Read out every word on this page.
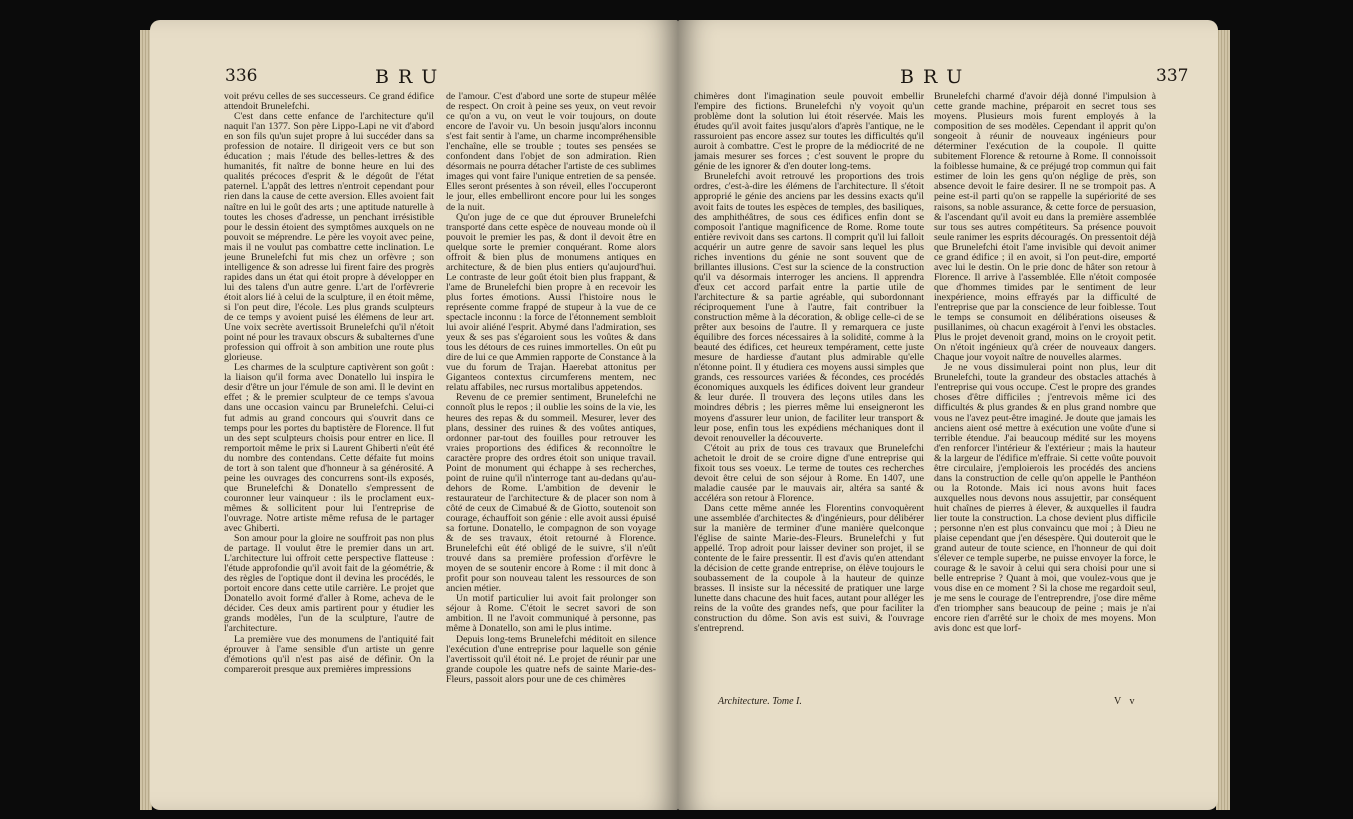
336	BRU

voit prévu celles de ses successeurs. Ce grand édifice attendoit Brunelefchi.

C'est dans cette enfance de l'architecture qu'il naquit l'an 1377. Son père Lippo-Lapi ne vit d'abord en son fils qu'un sujet propre à lui succéder dans sa profession de notaire. Il dirigeoit vers ce but son éducation ; mais l'étude des belles-lettres & des humanités, fit naître de bonne heure en lui des qualités précoces d'esprit & le dégoût de l'état paternel. L'appât des lettres n'entroit cependant pour rien dans la cause de cette aversion. Elles avoient fait naître en lui le goût des arts ; une aptitude naturelle à toutes les choses d'adresse, un penchant irrésistible pour le dessin étoient des symptômes auxquels on ne pouvoit se méprendre. Le père les voyoit avec peine, mais il ne voulut pas combattre cette inclination. Le jeune Brunelefchi fut mis chez un orfèvre ; son intelligence & son adresse lui firent faire des progrès rapides dans un état qui étoit propre à développer en lui des talens d'un autre genre. L'art de l'orfèvrerie étoit alors lié à celui de la sculpture, il en étoit même, si l'on peut dire, l'école. Les plus grands sculpteurs de ce temps y avoient puisé les élémens de leur art. Une voix secrète avertissoit Brunelefchi qu'il n'étoit point né pour les travaux obscurs & subalternes d'une profession qui offroit à son ambition une route plus glorieuse.

Les charmes de la sculpture captivèrent son goût : la liaison qu'il forma avec Donatello lui inspira le desir d'être un jour l'émule de son ami. Il le devint en effet ; & le premier sculpteur de ce temps s'avoua dans une occasion vaincu par Brunelefchi. Celui-ci fut admis au grand concours qui s'ouvrit dans ce temps pour les portes du baptistère de Florence. Il fut un des sept sculpteurs choisis pour entrer en lice. Il remportoit même le prix si Laurent Ghiberti n'eût été du nombre des contendans. Cette défaite fut moins de tort à son talent que d'honneur à sa générosité. A peine les ouvrages des concurrens sont-ils exposés, que Brunelefchi & Donatello s'empressent de couronner leur vainqueur : ils le proclament eux-mêmes & sollicitent pour lui l'entreprise de l'ouvrage. Notre artiste même refusa de le partager avec Ghiberti.

Son amour pour la gloire ne souffroit pas non plus de partage. Il voulut être le premier dans un art. L'architecture lui offroit cette perspective flatteuse : l'étude approfondie qu'il avoit fait de la géométrie, & des règles de l'optique dont il devina les procédés, le portoit encore dans cette utile carrière. Le projet que Donatello avoit formé d'aller à Rome, acheva de le décider. Ces deux amis partirent pour y étudier les grands modèles, l'un de la sculpture, l'autre de l'architecture.

La première vue des monumens de l'antiquité fait éprouver à l'ame sensible d'un artiste un genre d'émotions qu'il n'est pas aisé de définir. On la compareroit presque aux premières impressions

de l'amour. C'est d'abord une sorte de stupeur mêlée de respect. On croit à peine ses yeux, on veut revoir ce qu'on a vu, on veut le voir toujours, on doute encore de l'avoir vu. Un besoin jusqu'alors inconnu s'est fait sentir à l'ame, un charme incompréhensible l'enchaîne, elle se trouble ; toutes ses pensées se confondent dans l'objet de son admiration. Rien désormais ne pourra détacher l'artiste de ces sublimes images qui vont faire l'unique entretien de sa pensée. Elles seront présentes à son réveil, elles l'occuperont le jour, elles embelliront encore pour lui les songes de la nuit.

Qu'on juge de ce que dut éprouver Brunelefchi transporté dans cette espèce de nouveau monde où il pouvoit le premier les pas, & dont il devoit être en quelque sorte le premier conquérant. Rome alors offroit & bien plus de monumens antiques en architecture, & de bien plus entiers qu'aujourd'hui. Le contraste de leur goût étoit bien plus frappant, & l'ame de Brunelefchi bien propre à en recevoir les plus fortes émotions. Aussi l'histoire nous le représente comme frappé de stupeur à la vue de ce spectacle inconnu : la force de l'étonnement sembloit lui avoir aliéné l'esprit. Abymé dans l'admiration, ses yeux & ses pas s'égaroient sous les voûtes & dans tous les détours de ces ruines immortelles. On eût pu dire de lui ce que Ammien rapporte de Constance à la vue du forum de Trajan. Haerebat attonitus per Giganteos contextus circumferens mentem, nec relatu affabiles, nec rursus mortalibus appetendos.

Revenu de ce premier sentiment, Brunelefchi ne connoît plus le repos ; il oublie les soins de la vie, les heures des repas & du sommeil. Mesurer, lever des plans, dessiner des ruines & des voûtes antiques, ordonner par-tout des fouilles pour retrouver les vraies proportions des édifices & reconnoître le caractère propre des ordres étoit son unique travail. Point de monument qui échappe à ses recherches, point de ruine qu'il n'interroge tant au-dedans qu'au-dehors de Rome. L'ambition de devenir le restaurateur de l'architecture & de placer son nom à côté de ceux de Cimabué & de Giotto, soutenoit son courage, échauffoit son génie : elle avoit aussi épuisé sa fortune. Donatello, le compagnon de son voyage & de ses travaux, étoit retourné à Florence. Brunelefchi eût été obligé de le suivre, s'il n'eût trouvé dans sa première profession d'orfèvre le moyen de se soutenir encore à Rome : il mit donc à profit pour son nouveau talent les ressources de son ancien métier.

Un motif particulier lui avoit fait prolonger son séjour à Rome. C'étoit le secret savori de son ambition. Il ne l'avoit communiqué à personne, pas même à Donatello, son ami le plus intime.

Depuis long-tems Brunelefchi méditoit en silence l'exécution d'une entreprise pour laquelle son génie l'avertissoit qu'il étoit né. Le projet de réunir par une grande coupole les quatre nefs de sainte Marie-des-Fleurs, passoit alors pour une de ces chimères

BRU	337

chimères dont l'imagination seule pouvoit embellir l'empire des fictions. Brunelefchi n'y voyoit qu'un problème dont la solution lui étoit réservée. Mais les études qu'il avoit faites jusqu'alors d'après l'antique, ne le rassuroient pas encore assez sur toutes les difficultés qu'il auroit à combattre. C'est le propre de la médiocrité de ne jamais mesurer ses forces ; c'est souvent le propre du génie de les ignorer & d'en douter long-tems.

Brunelefchi avoit retrouvé les proportions des trois ordres, c'est-à-dire les élémens de l'architecture. Il s'étoit approprié le génie des anciens par les dessins exacts qu'il avoit faits de toutes les espèces de temples, des basiliques, des amphithéâtres, de sous ces édifices enfin dont se composoit l'antique magnificence de Rome. Rome toute entière revivoit dans ses cartons. Il comprit qu'il lui falloit acquérir un autre genre de savoir sans lequel les plus riches inventions du génie ne sont souvent que de brillantes illusions. C'est sur la science de la construction qu'il va désormais interroger les anciens. Il apprendra d'eux cet accord parfait entre la partie utile de l'architecture & sa partie agréable, qui subordonnant réciproquement l'une à l'autre, fait contribuer la construction même à la décoration, & oblige celle-ci de se prêter aux besoins de l'autre. Il y remarquera ce juste équilibre des forces nécessaires à la solidité, comme à la beauté des édifices, cet heureux tempérament, cette juste mesure de hardiesse d'autant plus admirable qu'elle n'étonne point. Il y étudiera ces moyens aussi simples que grands, ces ressources variées & fécondes, ces procédés économiques auxquels les édifices doivent leur grandeur & leur durée. Il trouvera des leçons utiles dans les moindres débris ; les pierres même lui enseigneront les moyens d'assurer leur union, de faciliter leur transport & leur pose, enfin tous les expédiens méchaniques dont il devoit renouveller la découverte.

C'étoit au prix de tous ces travaux que Brunelefchi achetoit le droit de se croire digne d'une entreprise qui fixoit tous ses voeux. Le terme de toutes ces recherches devoit être celui de son séjour à Rome. En 1407, une maladie causée par le mauvais air, altéra sa santé & accéléra son retour à Florence.

Dans cette même année les Florentins convoquèrent une assemblée d'architectes & d'ingénieurs, pour délibérer sur la manière de terminer d'une manière quelconque l'église de sainte Marie-des-Fleurs. Brunelefchi y fut appellé. Trop adroit pour laisser deviner son projet, il se contente de le faire pressentir. Il est d'avis qu'en attendant la décision de cette grande entreprise, on élève toujours le soubassement de la coupole à la hauteur de quinze brasses. Il insiste sur la nécessité de pratiquer une large lunette dans chacune des huit faces, autant pour alléger les reins de la voûte des grandes nefs, que pour faciliter la construction du dôme. Son avis est suivi, & l'ouvrage s'entreprend.

Brunelefchi charmé d'avoir déjà donné l'impulsion à cette grande machine, préparoit en secret tous ses moyens. Plusieurs mois furent employés à la composition de ses modèles. Cependant il apprit qu'on songeoit à réunir de nouveaux ingénieurs pour déterminer l'exécution de la coupole. Il quitte subitement Florence & retourne à Rome. Il connoissoit la foiblesse humaine, & ce préjugé trop commun qui fait estimer de loin les gens qu'on néglige de près, son absence devoit le faire desirer. Il ne se trompoit pas. A peine est-il parti qu'on se rappelle la supériorité de ses raisons, sa noble assurance, & cette force de persuasion, & l'ascendant qu'il avoit eu dans la première assemblée sur tous ses autres compétiteurs. Sa présence pouvoit seule ranimer les esprits découragés. On pressentoit déjà que Brunelefchi étoit l'ame invisible qui devoit animer ce grand édifice ; il en avoit, si l'on peut-dire, emporté avec lui le destin. On le prie donc de hâter son retour à Florence. Il arrive à l'assemblée. Elle n'étoit composée que d'hommes timides par le sentiment de leur inexpérience, moins effrayés par la difficulté de l'entreprise que par la conscience de leur foiblesse. Tout le temps se consumoit en délibérations oiseuses & pusillanimes, où chacun exagéroit à l'envi les obstacles. Plus le projet devenoit grand, moins on le croyoit petit. On n'étoit ingénieux qu'à créer de nouveaux dangers. Chaque jour voyoit naître de nouvelles alarmes.

Je ne vous dissimulerai point non plus, leur dit Brunelefchi, toute la grandeur des obstacles attachés à l'entreprise qui vous occupe. C'est le propre des grandes choses d'être difficiles ; j'entrevois même ici des difficultés & plus grandes & en plus grand nombre que vous ne l'avez peut-être imaginé. Je doute que jamais les anciens aient osé mettre à exécution une voûte d'une si terrible étendue. J'ai beaucoup médité sur les moyens d'en renforcer l'intérieur & l'extérieur ; mais la hauteur & la largeur de l'édifice m'effraie. Si cette voûte pouvoit être circulaire, j'emploierois les procédés des anciens dans la construction de celle qu'on appelle le Panthéon ou la Rotonde. Mais ici nous avons huit faces auxquelles nous devons nous assujettir, par conséquent huit chaînes de pierres à élever, & auxquelles il faudra lier toute la construction. La chose devient plus difficile ; personne n'en est plus convaincu que moi ; à Dieu ne plaise cependant que j'en désespère. Qui douteroit que le grand auteur de toute science, en l'honneur de qui doit s'élever ce temple superbe, ne puisse envoyer la force, le courage & le savoir à celui qui sera choisi pour une si belle entreprise ? Quant à moi, que voulez-vous que je vous dise en ce moment ? Si la chose me regardoit seul, je me sens le courage de l'entreprendre, j'ose dire même d'en triompher sans beaucoup de peine ; mais je n'ai encore rien d'arrêté sur le choix de mes moyens. Mon avis donc est que lorf-

Architecture. Tome I.	V v
